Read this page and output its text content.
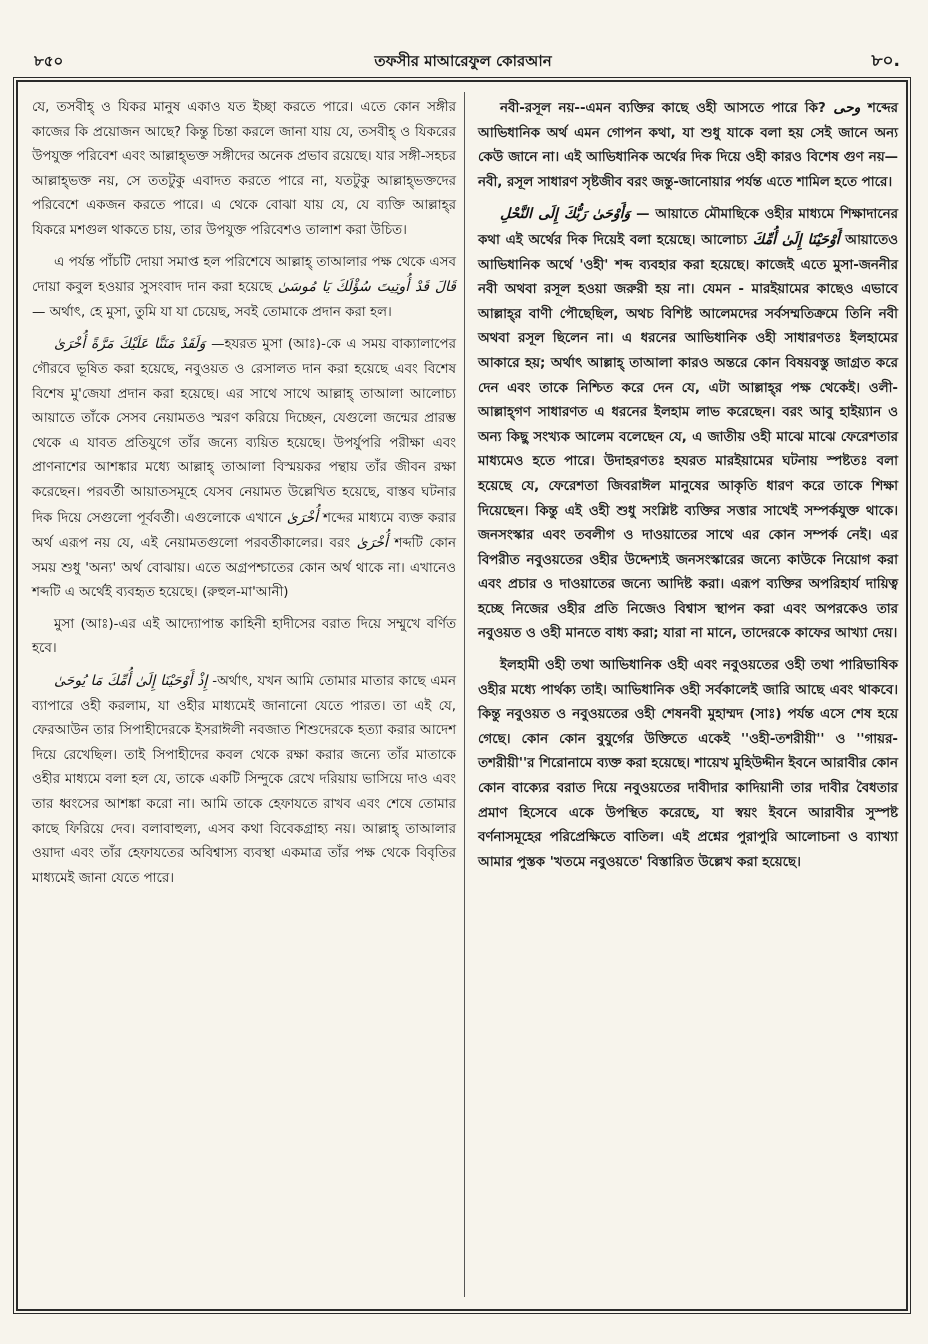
৮৫০	তফসীর মাআরেফুল কোরআন	৮০.

যে, তসবীহ্‌ ও যিকর মানুষ একাও যত ইচ্ছা করতে পারে। এতে কোন সঙ্গীর কাজের কি প্রয়োজন আছে? কিন্তু চিন্তা করলে জানা যায় যে, তসবীহ্‌ ও যিকরের উপযুক্ত পরিবেশ এবং আল্লাহ্‌ভক্ত সঙ্গীদের অনেক প্রভাব রয়েছে। যার সঙ্গী-সহচর আল্লাহ্‌ভক্ত নয়, সে ততটুকু এবাদত করতে পারে না, যতটুকু আল্লাহ্‌ভক্তদের পরিবেশে একজন করতে পারে। এ থেকে বোঝা যায় যে, যে ব্যক্তি আল্লাহ্‌র যিকরে মশগুল থাকতে চায়, তার উপযুক্ত পরিবেশও তালাশ করা উচিত।

এ পর্যন্ত পাঁচটি দোয়া সমাপ্ত হল পরিশেষে আল্লাহ্‌ তাআলার পক্ষ থেকে এসব দোয়া কবুল হওয়ার সুসংবাদ দান করা হয়েছে قَالَ قَدْ أُوتِيتَ سُؤْلَكَ يَا مُوسَىٰ — অর্থাৎ, হে মুসা, তুমি যা যা চেয়েছ, সবই তোমাকে প্রদান করা হল।

وَلَقَدْ مَنَنَّا عَلَيْكَ مَرَّةً أُخْرَىٰ —হযরত মুসা (আঃ)-কে এ সময় বাক্যালাপের গৌরবে ভূষিত করা হয়েছে, নবুওয়ত ও রেসালত দান করা হয়েছে এবং বিশেষ বিশেষ মু'জেযা প্রদান করা হয়েছে। এর সাথে সাথে আল্লাহ্‌ তাআলা আলোচ্য আয়াতে তাঁকে সেসব নেয়ামতও স্মরণ করিয়ে দিচ্ছেন, যেগুলো জন্মের প্রারম্ভ থেকে এ যাবত প্রতিযুগে তাঁর জন্যে ব্যয়িত হয়েছে। উপর্যুপরি পরীক্ষা এবং প্রাণনাশের আশঙ্কার মধ্যে আল্লাহ্‌ তাআলা বিস্ময়কর পন্থায় তাঁর জীবন রক্ষা করেছেন। পরবর্তী আয়াতসমূহে যেসব নেয়ামত উল্লেখিত হয়েছে, বাস্তব ঘটনার দিক দিয়ে সেগুলো পূর্ববর্তী। এগুলোকে এখানে أُخْرَىٰ শব্দের মাধ্যমে ব্যক্ত করার অর্থ এরূপ নয় যে, এই নেয়ামতগুলো পরবর্তীকালের। বরং أُخْرَىٰ শব্দটি কোন সময় শুধু 'অন্য' অর্থ বোঝায়। এতে অগ্রপশ্চাতের কোন অর্থ থাকে না। এখানেও শব্দটি এ অর্থেই ব্যবহৃত হয়েছে। (রুহুল-মা'আনী)

মুসা (আঃ)-এর এই আদ্যোপান্ত কাহিনী হাদীসের বরাত দিয়ে সম্মুখে বর্ণিত হবে।

إِذْ أَوْحَيْنَا إِلَىٰ أُمِّكَ مَا يُوحَىٰ -অর্থাৎ, যখন আমি তোমার মাতার কাছে এমন ব্যাপারে ওহী করলাম, যা ওহীর মাধ্যমেই জানানো যেতে পারত। তা এই যে, ফেরআউন তার সিপাহীদেরকে ইসরাঈলী নবজাত শিশুদেরকে হত্যা করার আদেশ দিয়ে রেখেছিল। তাই সিপাহীদের কবল থেকে রক্ষা করার জন্যে তাঁর মাতাকে ওহীর মাধ্যমে বলা হল যে, তাকে একটি সিন্দুকে রেখে দরিয়ায় ভাসিয়ে দাও এবং তার ধ্বংসের আশঙ্কা করো না। আমি তাকে হেফাযতে রাখব এবং শেষে তোমার কাছে ফিরিয়ে দেব। বলাবাহুল্য, এসব কথা বিবেকগ্রাহ্য নয়। আল্লাহ্‌ তাআলার ওয়াদা এবং তাঁর হেফাযতের অবিশ্বাস্য ব্যবস্থা একমাত্র তাঁর পক্ষ থেকে বিবৃতির মাধ্যমেই জানা যেতে পারে।

নবী-রসূল নয়--এমন ব্যক্তির কাছে ওহী আসতে পারে কি? وحى শব্দের আভিধানিক অর্থ এমন গোপন কথা, যা শুধু যাকে বলা হয় সেই জানে অন্য কেউ জানে না। এই আভিধানিক অর্থের দিক দিয়ে ওহী কারও বিশেষ গুণ নয়—নবী, রসূল সাধারণ সৃষ্টজীব বরং জন্তু-জানোয়ার পর্যন্ত এতে শামিল হতে পারে।

وَأَوْحَىٰ رَبُّكَ إِلَى النَّحْلِ — আয়াতে মৌমাছিকে ওহীর মাধ্যমে শিক্ষাদানের কথা এই অর্থের দিক দিয়েই বলা হয়েছে। আলোচ্য أَوْحَيْنَا إِلَىٰ أُمِّكَ আয়াতেও আভিধানিক অর্থে 'ওহী' শব্দ ব্যবহার করা হয়েছে। কাজেই এতে মুসা-জননীর নবী অথবা রসূল হওয়া জরুরী হয় না। যেমন - মারইয়ামের কাছেও এভাবে আল্লাহ্‌র বাণী পৌছেছিল, অথচ বিশিষ্ট আলেমদের সর্বসম্মতিক্রমে তিনি নবী অথবা রসূল ছিলেন না। এ ধরনের আভিধানিক ওহী সাধারণতঃ ইলহামের আকারে হয়; অর্থাৎ আল্লাহ্‌ তাআলা কারও অন্তরে কোন বিষয়বস্তু জাগ্রত করে দেন এবং তাকে নিশ্চিত করে দেন যে, এটা আল্লাহ্‌র পক্ষ থেকেই। ওলী-আল্লাহ্‌গণ সাধারণত এ ধরনের ইলহাম লাভ করেছেন। বরং আবু হাইয়্যান ও অন্য কিছু সংখ্যক আলেম বলেছেন যে, এ জাতীয় ওহী মাঝে মাঝে ফেরেশতার মাধ্যমেও হতে পারে। উদাহরণতঃ হযরত মারইয়ামের ঘটনায় স্পষ্টতঃ বলা হয়েছে যে, ফেরেশতা জিবরাঈল মানুষের আকৃতি ধারণ করে তাকে শিক্ষা দিয়েছেন। কিন্তু এই ওহী শুধু সংশ্লিষ্ট ব্যক্তির সত্তার সাথেই সম্পর্কযুক্ত থাকে। জনসংস্কার এবং তবলীগ ও দাওয়াতের সাথে এর কোন সম্পর্ক নেই। এর বিপরীত নবুওয়তের ওহীর উদ্দেশ্যই জনসংস্কারের জন্যে কাউকে নিয়োগ করা এবং প্রচার ও দাওয়াতের জন্যে আদিষ্ট করা। এরূপ ব্যক্তির অপরিহার্য দায়িত্ব হচ্ছে নিজের ওহীর প্রতি নিজেও বিশ্বাস স্থাপন করা এবং অপরকেও তার নবুওয়ত ও ওহী মানতে বাধ্য করা; যারা না মানে, তাদেরকে কাফের আখ্যা দেয়।

ইলহামী ওহী তথা আভিধানিক ওহী এবং নবুওয়তের ওহী তথা পারিভাষিক ওহীর মধ্যে পার্থক্য তাই। আভিধানিক ওহী সর্বকালেই জারি আছে এবং থাকবে। কিন্তু নবুওয়ত ও নবুওয়তের ওহী শেষনবী মুহাম্মদ (সাঃ) পর্যন্ত এসে শেষ হয়ে গেছে। কোন কোন বুযুর্গের উক্তিতে একেই ''ওহী-তশরীয়ী'' ও ''গায়র-তশরীয়ী''র শিরোনামে ব্যক্ত করা হয়েছে। শায়েখ মুহিউদ্দীন ইবনে আরাবীর কোন কোন বাক্যের বরাত দিয়ে নবুওয়তের দাবীদার কাদিয়ানী তার দাবীর বৈধতার প্রমাণ হিসেবে একে উপস্থিত করেছে, যা স্বয়ং ইবনে আরাবীর সুস্পষ্ট বর্ণনাসমূহের পরিপ্রেক্ষিতে বাতিল। এই প্রশ্নের পুরাপুরি আলোচনা ও ব্যাখ্যা আমার পুস্তক 'খতমে নবুওয়তে' বিস্তারিত উল্লেখ করা হয়েছে।
